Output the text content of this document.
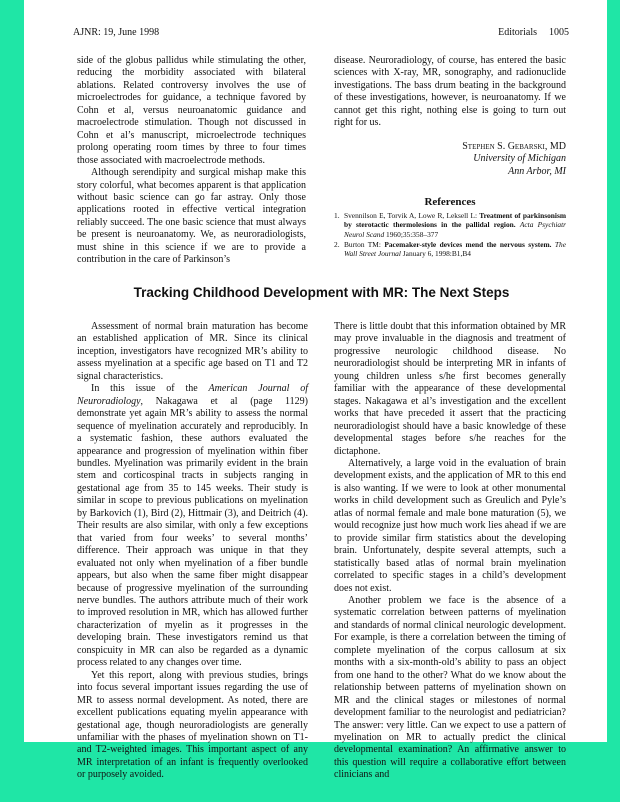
AJNR: 19, June 1998	Editorials 1005

side of the globus pallidus while stimulating the other, reducing the morbidity associated with bilateral ablations. Related controversy involves the use of microelectrodes for guidance, a technique favored by Cohn et al, versus neuroanatomic guidance and macroelectrode stimulation. Though not discussed in Cohn et al’s manuscript, microelectrode techniques prolong operating room times by three to four times those associated with macroelectrode methods.

Although serendipity and surgical mishap make this story colorful, what becomes apparent is that application without basic science can go far astray. Only those applications rooted in effective vertical integration reliably succeed. The one basic science that must always be present is neuroanatomy. We, as neuroradiologists, must shine in this science if we are to provide a contribution in the care of Parkinson’s

disease. Neuroradiology, of course, has entered the basic sciences with X-ray, MR, sonography, and radionuclide investigations. The bass drum beating in the background of these investigations, however, is neuroanatomy. If we cannot get this right, nothing else is going to turn out right for us.

Stephen S. Gebarski, MD
University of Michigan
Ann Arbor, MI
References
1. Svennilson E, Torvik A, Lowe R, Leksell L: Treatment of parkinsonism by sterotactic thermolesions in the pallidal region. Acta Psychiatr Neurol Scand 1960;35:358–377
2. Burton TM: Pacemaker-style devices mend the nervous system. The Wall Street Journal January 6, 1998:B1,B4
Tracking Childhood Development with MR: The Next Steps

Assessment of normal brain maturation has become an established application of MR. Since its clinical inception, investigators have recognized MR’s ability to assess myelination at a specific age based on T1 and T2 signal characteristics.

In this issue of the American Journal of Neuroradiology, Nakagawa et al (page 1129) demonstrate yet again MR’s ability to assess the normal sequence of myelination accurately and reproducibly. In a systematic fashion, these authors evaluated the appearance and progression of myelination within fiber bundles. Myelination was primarily evident in the brain stem and corticospinal tracts in subjects ranging in gestational age from 35 to 145 weeks. Their study is similar in scope to previous publications on myelination by Barkovich (1), Bird (2), Hittmair (3), and Deitrich (4). Their results are also similar, with only a few exceptions that varied from four weeks’ to several months’ difference. Their approach was unique in that they evaluated not only when myelination of a fiber bundle appears, but also when the same fiber might disappear because of progressive myelination of the surrounding nerve bundles. The authors attribute much of their work to improved resolution in MR, which has allowed further characterization of myelin as it progresses in the developing brain. These investigators remind us that conspicuity in MR can also be regarded as a dynamic process related to any changes over time.

Yet this report, along with previous studies, brings into focus several important issues regarding the use of MR to assess normal development. As noted, there are excellent publications equating myelin appearance with gestational age, though neuroradiologists are generally unfamiliar with the phases of myelination shown on T1- and T2-weighted images. This important aspect of any MR interpretation of an infant is frequently overlooked or purposely avoided.

There is little doubt that this information obtained by MR may prove invaluable in the diagnosis and treatment of progressive neurologic childhood disease. No neuroradiologist should be interpreting MR in infants of young children unless s/he first becomes generally familiar with the appearance of these developmental stages. Nakagawa et al’s investigation and the excellent works that have preceded it assert that the practicing neuroradiologist should have a basic knowledge of these developmental stages before s/he reaches for the dictaphone.

Alternatively, a large void in the evaluation of brain development exists, and the application of MR to this end is also wanting. If we were to look at other monumental works in child development such as Greulich and Pyle’s atlas of normal female and male bone maturation (5), we would recognize just how much work lies ahead if we are to provide similar firm statistics about the developing brain. Unfortunately, despite several attempts, such a statistically based atlas of normal brain myelination correlated to specific stages in a child’s development does not exist.

Another problem we face is the absence of a systematic correlation between patterns of myelination and standards of normal clinical neurologic development. For example, is there a correlation between the timing of complete myelination of the corpus callosum at six months with a six-month-old’s ability to pass an object from one hand to the other? What do we know about the relationship between patterns of myelination shown on MR and the clinical stages or milestones of normal development familiar to the neurologist and pediatrician? The answer: very little. Can we expect to use a pattern of myelination on MR to actually predict the clinical developmental examination? An affirmative answer to this question will require a collaborative effort between clinicians and
